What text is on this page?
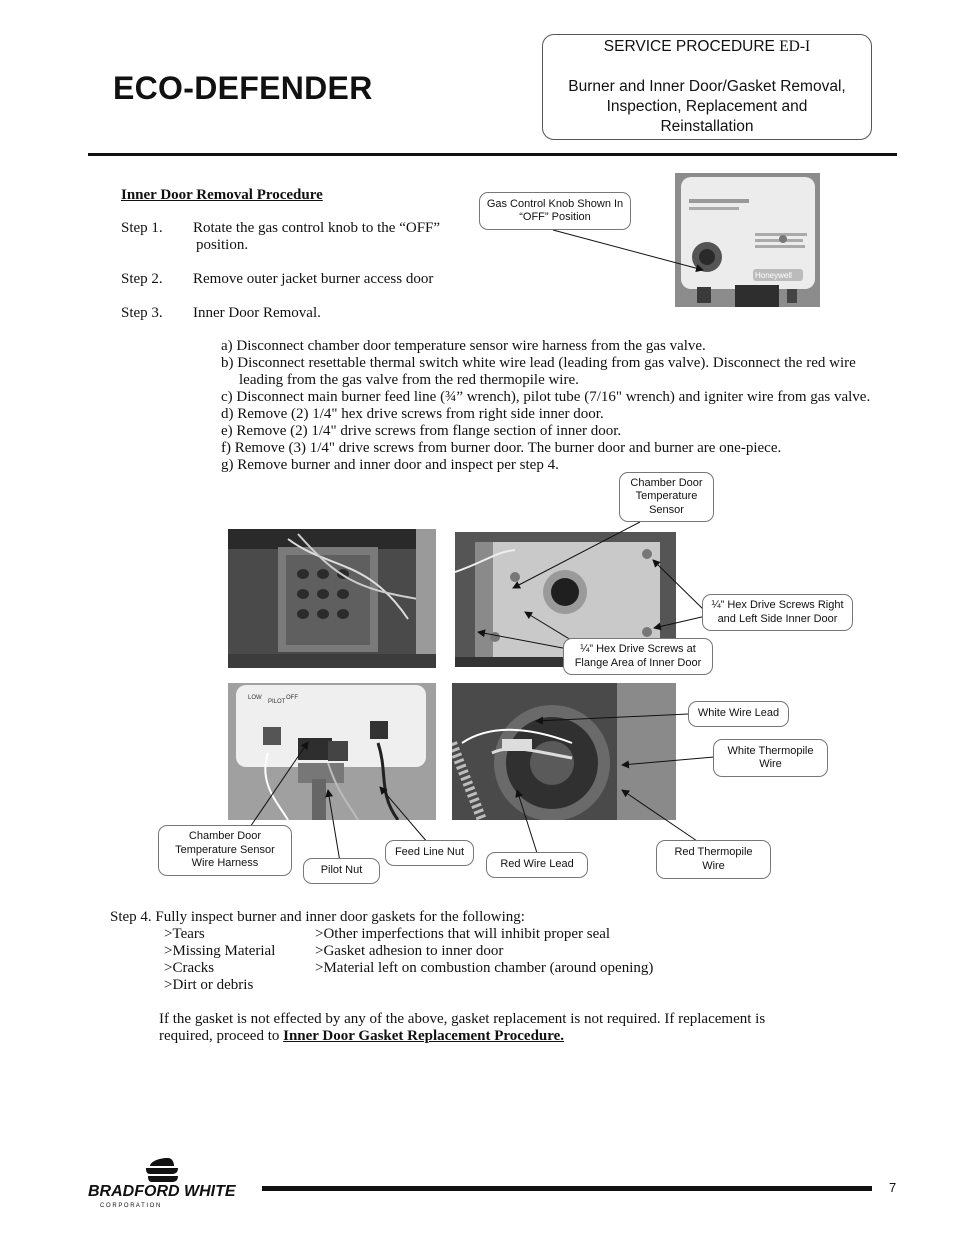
ECO-DEFENDER
SERVICE PROCEDURE ED-I
Burner and Inner Door/Gasket Removal,
Inspection, Replacement and
Reinstallation
Inner Door Removal Procedure
Step 1. Rotate the gas control knob to the “OFF”
position.
Step 2. Remove outer jacket burner access door
Step 3. Inner Door Removal.
a) Disconnect chamber door temperature sensor wire harness from the gas valve.
b) Disconnect resettable thermal switch white wire lead (leading from gas valve). Disconnect the red wire
leading from the gas valve from the red thermopile wire.
c) Disconnect main burner feed line (¾” wrench), pilot tube (7/16" wrench) and igniter wire from gas valve.
d) Remove (2) 1/4" hex drive screws from right side inner door.
e) Remove (2) 1/4" drive screws from flange section of inner door.
f) Remove (3) 1/4" drive screws from burner door. The burner door and burner are one-piece.
g) Remove burner and inner door and inspect per step 4.
Honeywell
LOW
PILOT
OFF
Gas Control Knob Shown In
“OFF” Position
Chamber Door
Temperature
Sensor
¼” Hex Drive Screws Right
and Left Side Inner Door
¼” Hex Drive Screws at
Flange Area of Inner Door
White Wire Lead
White Thermopile
Wire
Chamber Door
Temperature Sensor
Wire Harness
Pilot Nut
Feed Line Nut
Red Wire Lead
Red Thermopile
Wire
Step 4. Fully inspect burner and inner door gaskets for the following:
>Tears
>Missing Material
>Cracks
>Dirt or debris
>Other imperfections that will inhibit proper seal
>Gasket adhesion to inner door
>Material left on combustion chamber (around opening)
If the gasket is not effected by any of the above, gasket replacement is not required. If replacement is
required, proceed to Inner Door Gasket Replacement Procedure.
BRADFORD WHITE
C O R P O R A T I O N
7
